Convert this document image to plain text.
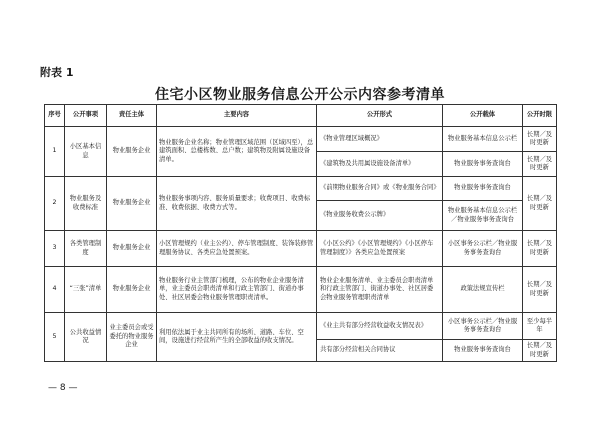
附表 1
住宅小区物业服务信息公开公示内容参考清单
序号	公开事项	责任主体	主要内容	公开形式	公开载体	公开时限
1	小区基本信息	物业服务企业	物业服务企业名称；物业管理区域范围（区域四至），总建筑面积、总楼栋数、总户数；建筑物及附属设施设备清单。	《物业管理区域概况》	物业服务基本信息公示栏	长期／及时更新
				《建筑物及共用属设施设备清单》	物业服务事务查询台	长期／及时更新
2	物业服务及收费标准	物业服务企业	物业服务事项内容、服务质量要求；收费项目、收费标准、收费依据、收费方式等。	《前期物业服务合同》或《物业服务合同》	物业服务事务查询台	长期／及时更新
				《物业服务收费公示牌》	物业服务基本信息公示栏／物业服务事务查询台	
3	各类管理制度	物业服务企业	小区管理规约（业主公约）、停车管理制度、装饰装修管理服务协议、各类应急处置预案。	《小区公约》《小区管理规约》《小区停车管理制度》》各类应急处置预案	小区事务公示栏／物业服务事务查询台	长期／及时更新
4	“三张”清单	物业服务企业	物业服务行业主管部门梳理，公布的物业企业服务清单，业主委员会职责清单和行政主管部门、街道办事处、社区居委会物业服务管理职责清单。	物业企业服务清单、业主委员会职责清单和行政主管部门、街道办事处、社区居委会物业服务管理职责清单	政策法规宣传栏	长期／及时更新
5	公共收益情况	业主委员会或受委托的物业服务企业	利用依法属于业主共同所有的场所、道路、车位、空间，设施进行经营所产生的全部收益的收支情况。	《业主共有部分经营收益收支情况表》	小区事务公示栏／物业服务事务查询台	至少每半年
				共有部分经营相关合同协议	物业服务事务查询台	长期／及时更新
— 8 —
